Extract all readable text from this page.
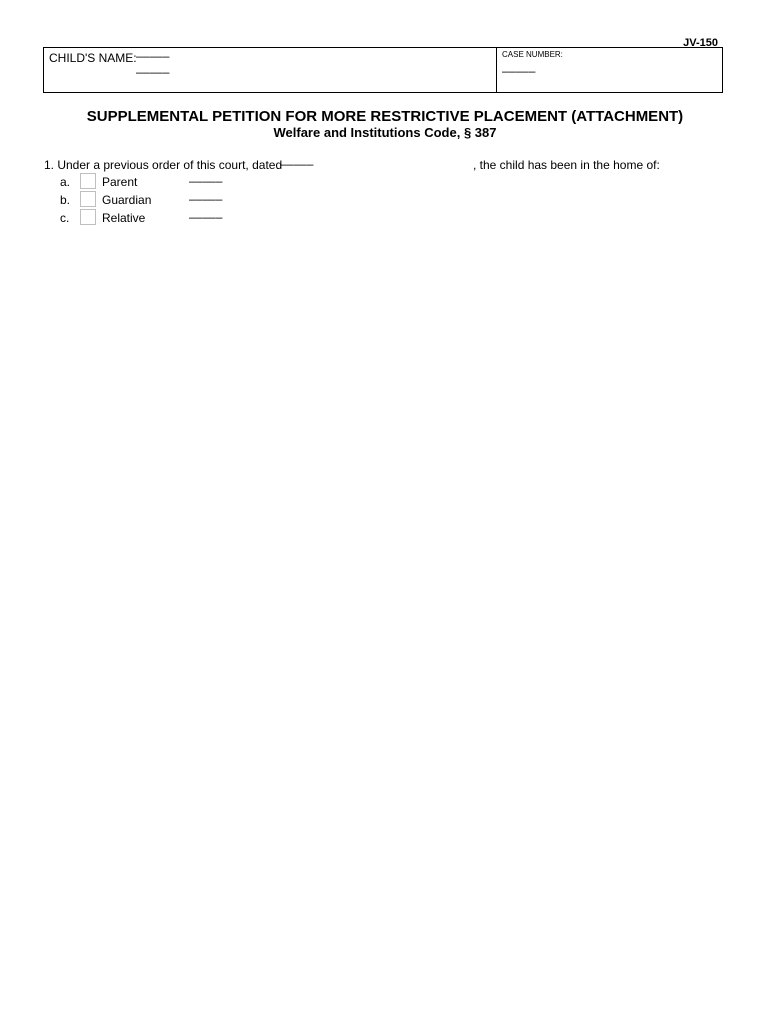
JV-150
CHILD'S NAME: –––––
–––––
CASE NUMBER:
–––––
SUPPLEMENTAL PETITION FOR MORE RESTRICTIVE PLACEMENT (ATTACHMENT)
Welfare and Institutions Code, § 387
1. Under a previous order of this court, dated
–––––	, the child has been in the home of:
a.	Parent	–––––
b.	Guardian	–––––
c.	Relative	–––––
